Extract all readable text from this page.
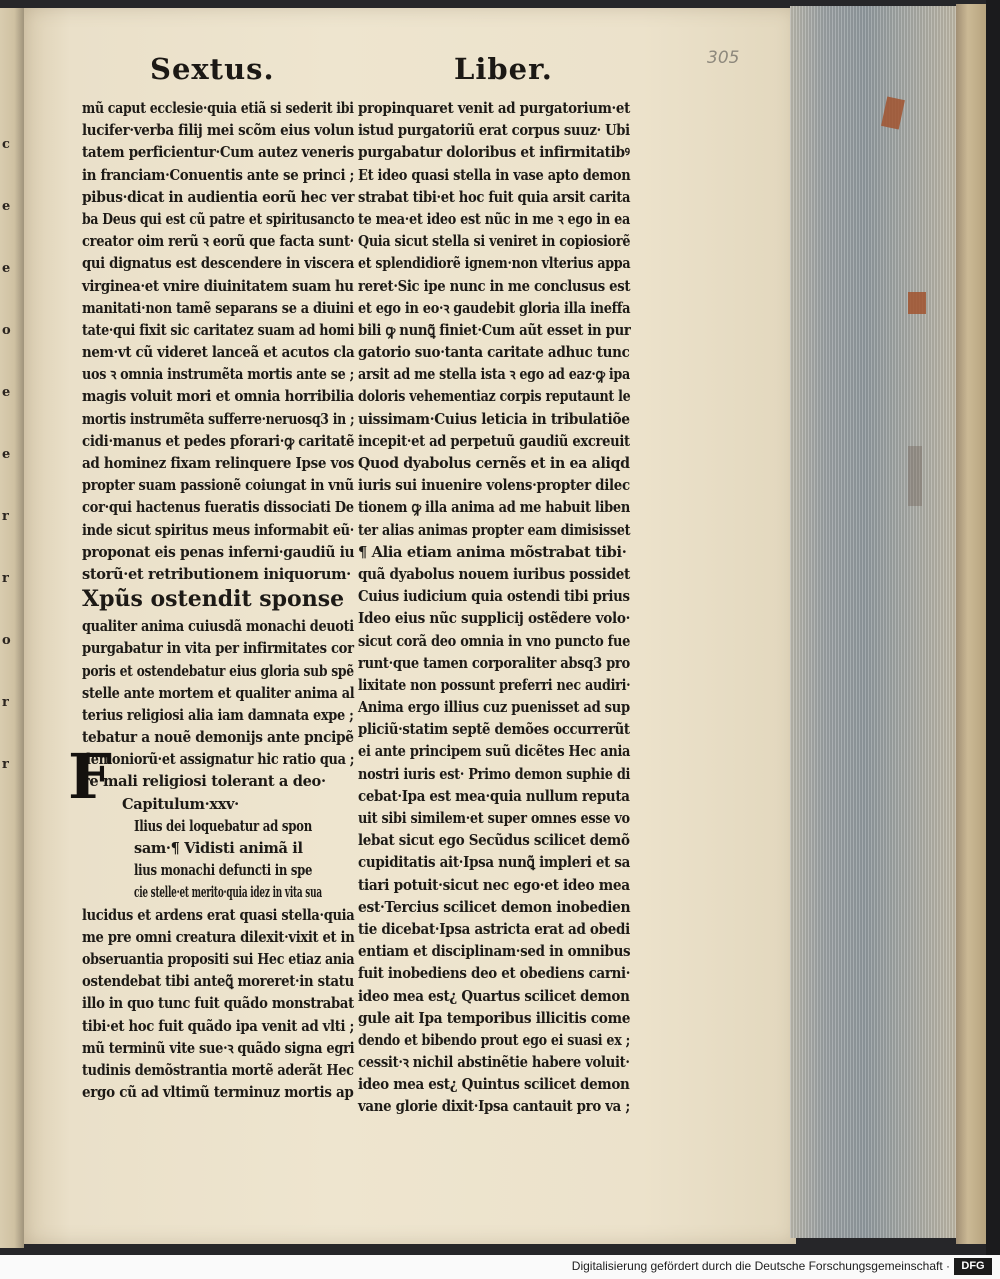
c
e
e
o
e
e
r
r
o
r
r
Sextus.	Liber.	305
mũ caput ecclesie·quia etiã si sederit ibi
lucifer·verba filij mei scõm eius volun
tatem perficientur·Cum autez veneris
in franciam·Conuentis ante se princi ;
pibus·dicat in audientia eorũ hec ver
ba Deus qui est cũ patre et spiritusancto
creator oim rerũ ꝛ eorũ que facta sunt·
qui dignatus est descendere in viscera
virginea·et vnire diuinitatem suam hu
manitati·non tamẽ separans se a diuini
tate·qui fixit sic caritatez suam ad homi
nem·vt cũ videret lanceã et acutos cla
uos ꝛ omnia instrumẽta mortis ante se ;
magis voluit mori et omnia horribilia
mortis instrumẽta sufferre·neruosq3 in ;
cidi·manus et pedes pforari·ꝙ caritatẽ
ad hominez fixam relinquere Ipse vos
propter suam passionẽ coiungat in vnũ
cor·qui hactenus fueratis dissociati De
inde sicut spiritus meus informabit eũ·
proponat eis penas inferni·gaudiũ iu
storũ·et retributionem iniquorum·
Xpũs ostendit sponse
qualiter anima cuiusdã monachi deuoti
purgabatur in vita per infirmitates cor
poris et ostendebatur eius gloria sub spẽ
stelle ante mortem et qualiter anima al
terius religiosi alia iam damnata expe ;
tebatur a nouẽ demonijs ante pncipẽ
demoniorũ·et assignatur hic ratio qua ;
re mali religiosi tolerant a deo·
Capitulum·xxv·
Ilius dei loquebatur ad spon
sam·¶ Vidisti animã il
lius monachi defuncti in spe
cie stelle·et merito·quia idez in vita sua
lucidus et ardens erat quasi stella·quia
me pre omni creatura dilexit·vixit et in
obseruantia propositi sui Hec etiaz ania
ostendebat tibi anteꝗ̃ moreret·in statu
illo in quo tunc fuit quãdo monstrabat
tibi·et hoc fuit quãdo ipa venit ad vlti ;
mũ terminũ vite sue·ꝛ quãdo signa egri
tudinis demõstrantia mortẽ aderãt Hec
ergo cũ ad vltimũ terminuz mortis ap
F
propinquaret venit ad purgatorium·et
istud purgatoriũ erat corpus suuz· Ubi
purgabatur doloribus et infirmitatibꝰ
Et ideo quasi stella in vase apto demon
strabat tibi·et hoc fuit quia arsit carita
te mea·et ideo est nũc in me ꝛ ego in ea
Quia sicut stella si veniret in copiosiorẽ
et splendidiorẽ ignem·non vlterius appa
reret·Sic ipe nunc in me conclusus est
et ego in eo·ꝛ gaudebit gloria illa ineffa
bili ꝙ nunꝗ̃ finiet·Cum aũt esset in pur
gatorio suo·tanta caritate adhuc tunc
arsit ad me stella ista ꝛ ego ad eaz·ꝙ ipa
doloris vehementiaz corpis reputaunt le
uissimam·Cuius leticia in tribulatiõe
incepit·et ad perpetuũ gaudiũ excreuit
Quod dyabolus cernẽs et in ea aliqd
iuris sui inuenire volens·propter dilec
tionem ꝙ illa anima ad me habuit liben
ter alias animas propter eam dimisisset
¶ Alia etiam anima mõstrabat tibi·
quã dyabolus nouem iuribus possidet
Cuius iudicium quia ostendi tibi prius
Ideo eius nũc supplicij ostẽdere volo·
sicut corã deo omnia in vno puncto fue
runt·que tamen corporaliter absq3 pro
lixitate non possunt preferri nec audiri·
Anima ergo illius cuz puenisset ad sup
pliciũ·statim septẽ demões occurrerũt
ei ante principem suũ dicẽtes Hec ania
nostri iuris est· Primo demon suphie di
cebat·Ipa est mea·quia nullum reputa
uit sibi similem·et super omnes esse vo
lebat sicut ego Secũdus scilicet demõ
cupiditatis ait·Ipsa nunꝗ̃ impleri et sa
tiari potuit·sicut nec ego·et ideo mea
est·Tercius scilicet demon inobedien
tie dicebat·Ipsa astricta erat ad obedi
entiam et disciplinam·sed in omnibus
fuit inobediens deo et obediens carni·
ideo mea est¿ Quartus scilicet demon
gule ait Ipa temporibus illicitis come
dendo et bibendo prout ego ei suasi ex ;
cessit·ꝛ nichil abstinẽtie habere voluit·
ideo mea est¿ Quintus scilicet demon
vane glorie dixit·Ipsa cantauit pro va ;
Digitalisierung gefördert durch die Deutsche Forschungsgemeinschaft ·	DFG
